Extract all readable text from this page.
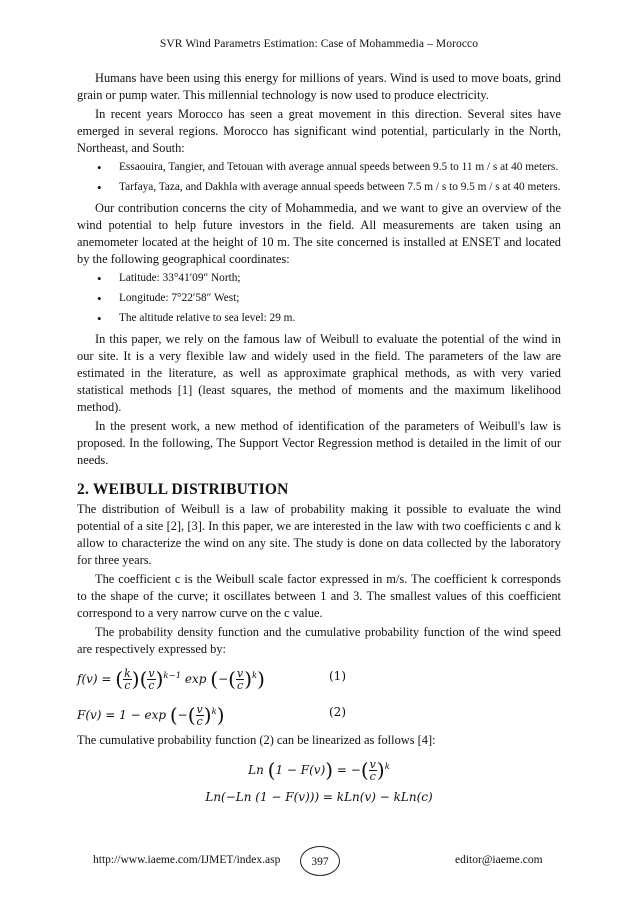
SVR Wind Parametrs Estimation: Case of Mohammedia – Morocco

Humans have been using this energy for millions of years. Wind is used to move boats, grind grain or pump water. This millennial technology is now used to produce electricity.

In recent years Morocco has seen a great movement in this direction. Several sites have emerged in several regions. Morocco has significant wind potential, particularly in the North, Northeast, and South:

• Essaouira, Tangier, and Tetouan with average annual speeds between 9.5 to 11 m / s at 40 meters.
• Tarfaya, Taza, and Dakhla with average annual speeds between 7.5 m / s to 9.5 m / s at 40 meters.

Our contribution concerns the city of Mohammedia, and we want to give an overview of the wind potential to help future investors in the field. All measurements are taken using an anemometer located at the height of 10 m. The site concerned is installed at ENSET and located by the following geographical coordinates:

• Latitude: 33°41′09″ North;
• Longitude: 7°22′58″ West;
• The altitude relative to sea level: 29 m.

In this paper, we rely on the famous law of Weibull to evaluate the potential of the wind in our site. It is a very flexible law and widely used in the field. The parameters of the law are estimated in the literature, as well as approximate graphical methods, as with very varied statistical methods [1] (least squares, the method of moments and the maximum likelihood method).

In the present work, a new method of identification of the parameters of Weibull's law is proposed. In the following, The Support Vector Regression method is detailed in the limit of our needs.

2. WEIBULL DISTRIBUTION

The distribution of Weibull is a law of probability making it possible to evaluate the wind potential of a site [2], [3]. In this paper, we are interested in the law with two coefficients c and k allow to characterize the wind on any site. The study is done on data collected by the laboratory for three years.

The coefficient c is the Weibull scale factor expressed in m/s. The coefficient k corresponds to the shape of the curve; it oscillates between 1 and 3. The smallest values of this coefficient correspond to a very narrow curve on the c value.

The probability density function and the cumulative probability function of the wind speed are respectively expressed by:

f(v) = ( $\frac{k}{c}$ )( $\frac{v}{c} )^{k-1}$ exp (−( $\frac{v}{c} )^k$)	(1)
F(v) = 1 − exp (−( $\frac{v}{c} )^k$)	(2)

The cumulative probability function (2) can be linearized as follows [4]:

Ln (1 − F(v)) = −( $\frac{v}{c} )^k$
Ln(−Ln (1 − F(v))) = kLn(v) − kLn(c)
http://www.iaeme.com/IJMET/index.asp	397	editor@iaeme.com
